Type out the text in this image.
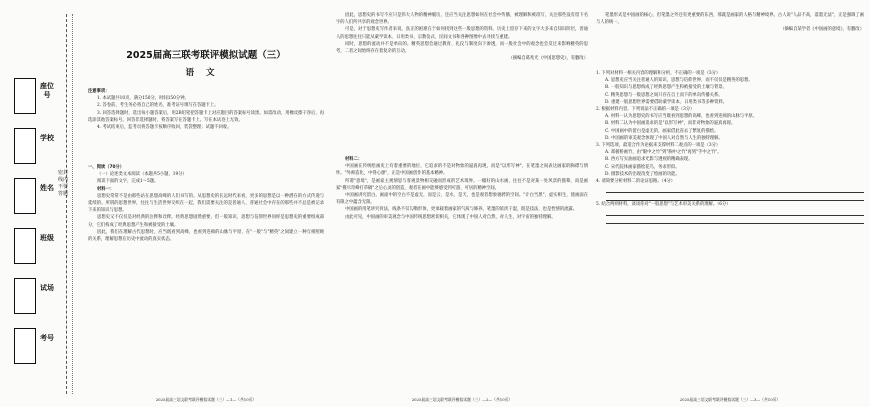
座位号
学校
姓名
班级
试场
考号
密封线内不要答题
2025届高三联考联评模拟试题（三）
语文

注意事项：

1. 本试题共10页，满分150分，时间150分钟。

2. 答卷前，考生务必将自己的姓名、准考证号填写在答题卡上。

3. 回答选择题时，选出每小题答案后，用2B铅笔把答题卡上对应题目的答案标号涂黑。如需改动，用橡皮擦干净后，再选涂其他答案标号。回答非选择题时，将答案写在答题卡上。写在本试卷上无效。

4. 考试结束后，监考员将答题卡按顺序收回，装袋整理；试题不回收。

一、阅读（70分）

（一）论述类文本阅读（本题共5小题，19分）

阅读下面的文字，完成1～5题。

材料一：

思想史常常不是由那些站在思想高峰的人们书写的。从思想史的长远时代来看，更多的思想是以一种潜在的方式传递与延续的。所谓的思想世界，往往与生活世界交织在一起，我们需要关注的是普通人、普通社会中存在的那些并不总是被记录下来的知识与思想。

思想史又不仅仅是对经典的注释和诠释。经典思想固然重要，但一般知识、思想与信仰世界同样是思想史的重要组成部分，它们构成了经典思想产生和被接受的土壤。

因此，我们在理解古代思想时，应当既看到高峰，也看到连绵的山脉与平原，在"一般"与"精英"之间建立一种互相照映的关系，理解思想在历史中流动的真实状态。

2025届高三语文联考联评模拟试题（三）—1—（共10页）

因此，思想史的书写不应只是伟大人物的精神履历，还应当关注思想如何在社会中传播、被理解和被改写，关注那些没有留下名字的人们所共享的观念世界。

可是，对于思想史写作者来说，真正的困难在于如何找到这些一般思想的资料。历史上留存下来的文字大多来自知识阶层，普通人的思想往往只能从蒙学读本、日用类书、宗教仪式、民间文书和各种图像中去寻找与重建。

同时，思想的流动并不是单向的。精英思想会通过教育、礼仪与制度向下渗透，而一般社会中的观念也会反过来影响精英的思考，二者之间始终存在着复杂的互动。

（摘编自葛兆光《中国思想史》，有删改）

材料二：

中国画在传统绘画史上有着重要的地位，它追求的不是对物象的逼真再现，而是"以形写神"，在笔墨之间表达画家的胸襟与情怀。"外师造化，中得心源"，正是中国画创作的基本精神。

所谓"意境"，是画家主观情思与客观景物相交融而形成的艺术境界。一幅好的山水画，往往不是对某一处风景的描摹，而是画家"搜尽奇峰打草稿"之后心灵的创造，观者在画中能够感受到可游、可居的精神空间。

中国画讲究留白。画面中的空白不是虚无，而是云、是水、是天，也是观者想象驰骋的空间。"计白当黑"，虚实相生，使画面在有限之中蕴含无限。

中国画的用笔讲究骨法，线条不仅勾勒形体，更承载着画家的气质与修养。笔墨的浓淡干湿，既是技法，也是性情的流露。

由此可见，中国画的审美观念与中国传统思想密切相关，它体现了中国人对自然、对人生、对宇宙的独特理解。

2025届高三语文联考联评模拟试题（三）—2—（共10页）

笔墨形式是中国画的核心，但笔墨之外还有更重要的东西，那就是画家的人格与精神境界。古人说"人品不高，落墨无法"，正是强调了画与人的统一。

（摘编自某学者《中国画的意境》，有删改）

1. 下列对材料一相关内容的理解和分析，不正确的一项是（3分）

A. 思想史应当关注普通人的知识、思想与信仰世界，而不仅仅是精英的思想。

B. 一般知识与思想构成了经典思想产生和被接受的土壤与背景。

C. 精英思想与一般思想之间只存在自上而下的单向传播关系。

D. 重建一般思想世界需要借助蒙学读本、日用类书等多种资料。

2. 根据材料内容，下列说法不正确的一项是（3分）

A. 材料一认为思想史的书写应当既看到思想的高峰，也看到连绵的山脉与平原。

B. 材料二认为中国画追求的是"以形写神"，而非对物象的逼真再现。

C. 中国画中的留白是虚无的，画家借此省去了繁复的描绘。

D. 中国画的审美观念体现了中国人对自然与人生的独特理解。

3. 下列选项，最适合作为论据来支撑材料二观点的一项是（3分）

A. 郑板桥画竹，由"眼中之竹"到"胸中之竹"再到"手中之竹"。

B. 西方写实油画追求光影与透视的精确表现。

C. 宋代院体画家描绘花鸟，务求形似。

D. 摄影技术的出现改变了绘画的功能。

4. 请简要分析材料二的论证思路。（4分）

5. 结合两则材料，谈谈你对"一般思想"与艺术审美关系的理解。（6分）

2025届高三语文联考联评模拟试题（三）—3—（共10页）
